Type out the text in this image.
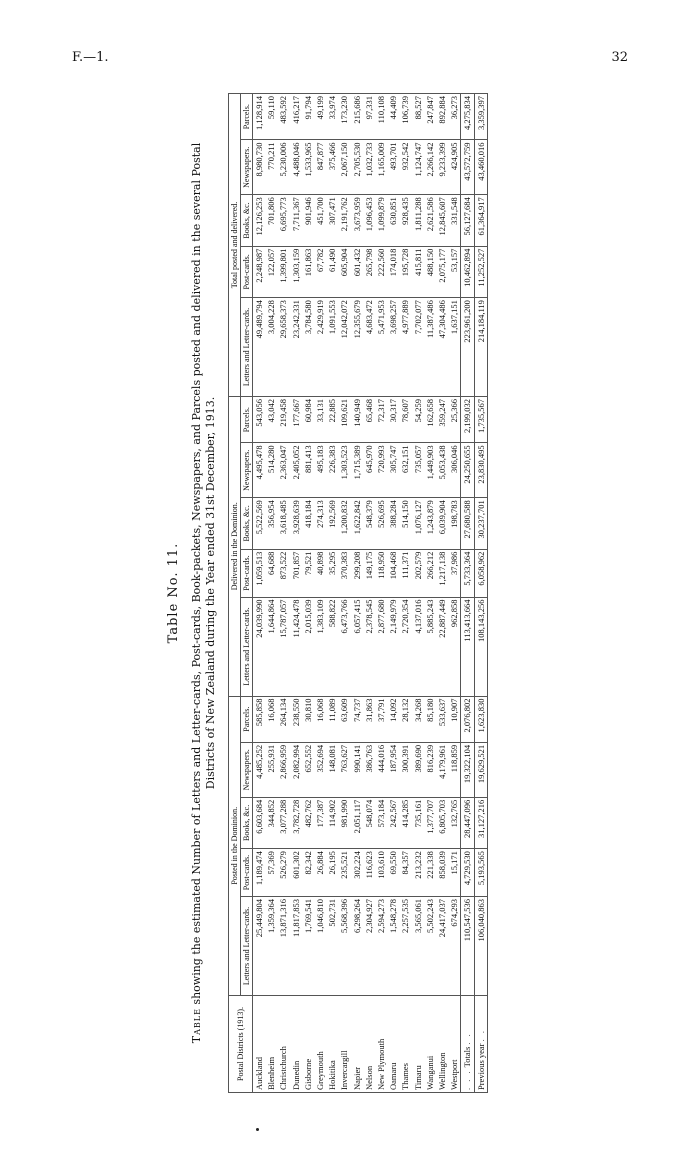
F.—1.	32
Table No. 11.
Table showing the estimated Number of Letters and Letter-cards, Post-cards, Book-packets, Newspapers, and Parcels posted and delivered in the several Postal Districts of New Zealand during the Year ended 31st December, 1913.
Postal Districts (1913).	Posted in the Dominion.					Delivered in the Dominion.					Total posted and delivered.				
	Letters and Letter-cards.	Post-cards.	Books, &c.	Newspapers.	Parcels.	Letters and Letter-cards.	Post-cards.	Books, &c.	Newspapers.	Parcels.	Letters and Letter-cards.	Post-cards.	Books, &c.	Newspapers.	Parcels.
Auckland	25,449,804	1,189,474	6,603,684	4,485,252	585,858	24,039,990	1,059,513	5,522,569	4,495,478	543,056	49,489,794	2,248,987	12,126,253	8,980,730	1,128,914
Blenheim	1,359,364	57,369	344,852	255,931	16,068	1,644,864	64,688	356,954	514,280	43,042	3,004,228	122,057	701,806	770,211	59,110
Christchurch	13,871,316	526,279	3,077,288	2,866,959	264,134	15,787,057	873,522	3,618,485	2,363,047	219,458	29,658,373	1,399,801	6,695,773	5,230,006	483,592
Dunedin	11,817,853	601,302	3,782,728	2,082,994	238,550	11,424,478	701,857	3,928,639	2,405,052	177,667	23,242,331	1,303,159	7,711,367	4,488,046	416,217
Gisborne	1,769,541	82,342	482,762	652,552	30,810	2,015,039	79,521	418,184	881,413	60,984	3,784,580	161,863	901,946	1,533,965	91,794
Greymouth	1,046,810	26,884	177,387	352,694	16,068	1,383,109	40,898	274,313	495,183	33,131	2,429,919	67,782	451,700	847,877	49,199
Hokitika	502,731	26,195	114,902	148,081	11,089	588,822	35,295	192,569	226,383	22,885	1,091,553	61,490	307,471	375,466	33,974
Invercargill	5,568,396	235,521	981,990	763,627	63,609	6,473,766	370,383	1,200,832	1,303,523	109,621	12,042,072	605,904	2,191,762	2,067,150	173,230
Napier	6,298,264	302,224	2,051,117	990,141	74,737	6,057,415	299,208	1,622,842	1,715,389	140,949	12,355,679	601,432	3,673,959	2,705,530	215,686
Nelson	2,304,927	116,623	548,074	386,763	31,863	2,378,545	149,175	548,379	645,970	65,468	4,683,472	265,798	1,096,453	1,032,733	97,331
New Plymouth	2,594,273	103,610	573,184	444,016	37,791	2,877,680	118,950	526,695	720,993	72,317	5,471,953	222,560	1,099,879	1,165,009	110,108
Oamaru	1,548,278	69,550	242,567	187,954	14,092	2,149,979	104,468	388,284	305,747	30,317	3,698,257	174,018	630,851	493,701	44,409
Thames	2,257,535	84,357	414,285	300,391	28,132	2,720,354	111,371	514,150	632,151	78,607	4,977,889	195,728	928,435	932,542	106,739
Timaru	3,565,061	213,232	735,161	389,690	34,268	4,137,016	202,579	1,076,127	735,057	54,259	7,702,077	415,811	1,811,288	1,124,747	88,527
Wanganui	5,502,243	221,338	1,377,707	816,239	85,180	5,885,243	266,212	1,243,879	1,449,903	162,658	11,387,486	488,150	2,621,586	2,266,142	247,847
Wellington	24,417,037	858,039	6,805,703	4,179,961	533,637	22,887,449	1,217,138	6,039,904	5,053,438	359,247	47,304,486	2,075,177	12,845,607	9,233,399	892,884
Westport	674,293	15,171	132,765	118,859	10,907	962,858	37,986	198,783	306,046	25,366	1,637,151	53,157	331,548	424,905	36,273
. . . Totals . .	110,547,536	4,729,530	28,447,096	19,322,104	2,076,802	113,413,664	5,733,364	27,680,588	24,250,655	2,199,032	223,961,200	10,462,894	56,127,684	43,572,759	4,275,834
Previous year . .	106,040,863	5,193,565	31,127,216	19,629,521	1,623,830	108,143,256	6,058,962	30,237,701	23,830,495	1,735,567	214,184,119	11,252,527	61,364,917	43,460,016	3,359,397
